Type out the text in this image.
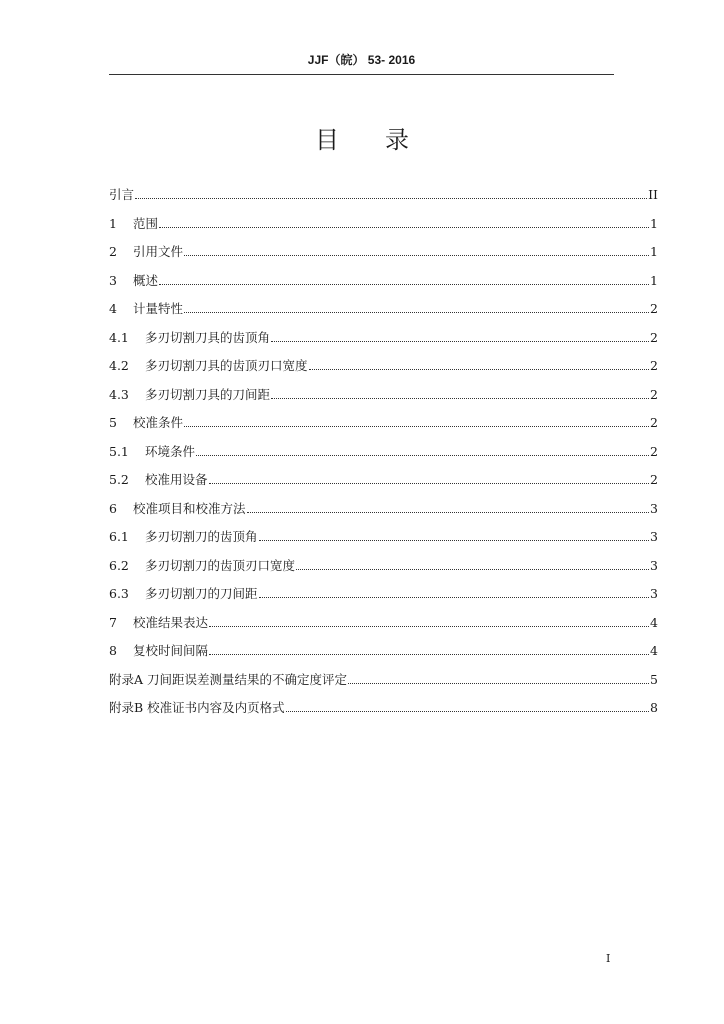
JJF（皖） 53- 2016
目录
引言	II
1	范围	1
2	引用文件	1
3	概述	1
4	计量特性	2
4.1	多刃切割刀具的齿顶角	2
4.2	多刃切割刀具的齿顶刃口宽度	2
4.3	多刃切割刀具的刀间距	2
5	校准条件	2
5.1	环境条件	2
5.2	校准用设备	2
6	校准项目和校准方法	3
6.1	多刃切割刀的齿顶角	3
6.2	多刃切割刀的齿顶刃口宽度	3
6.3	多刃切割刀的刀间距	3
7	校准结果表达	4
8	复校时间间隔	4
附录A 刀间距误差测量结果的不确定度评定	5
附录B 校准证书内容及内页格式	8
I
